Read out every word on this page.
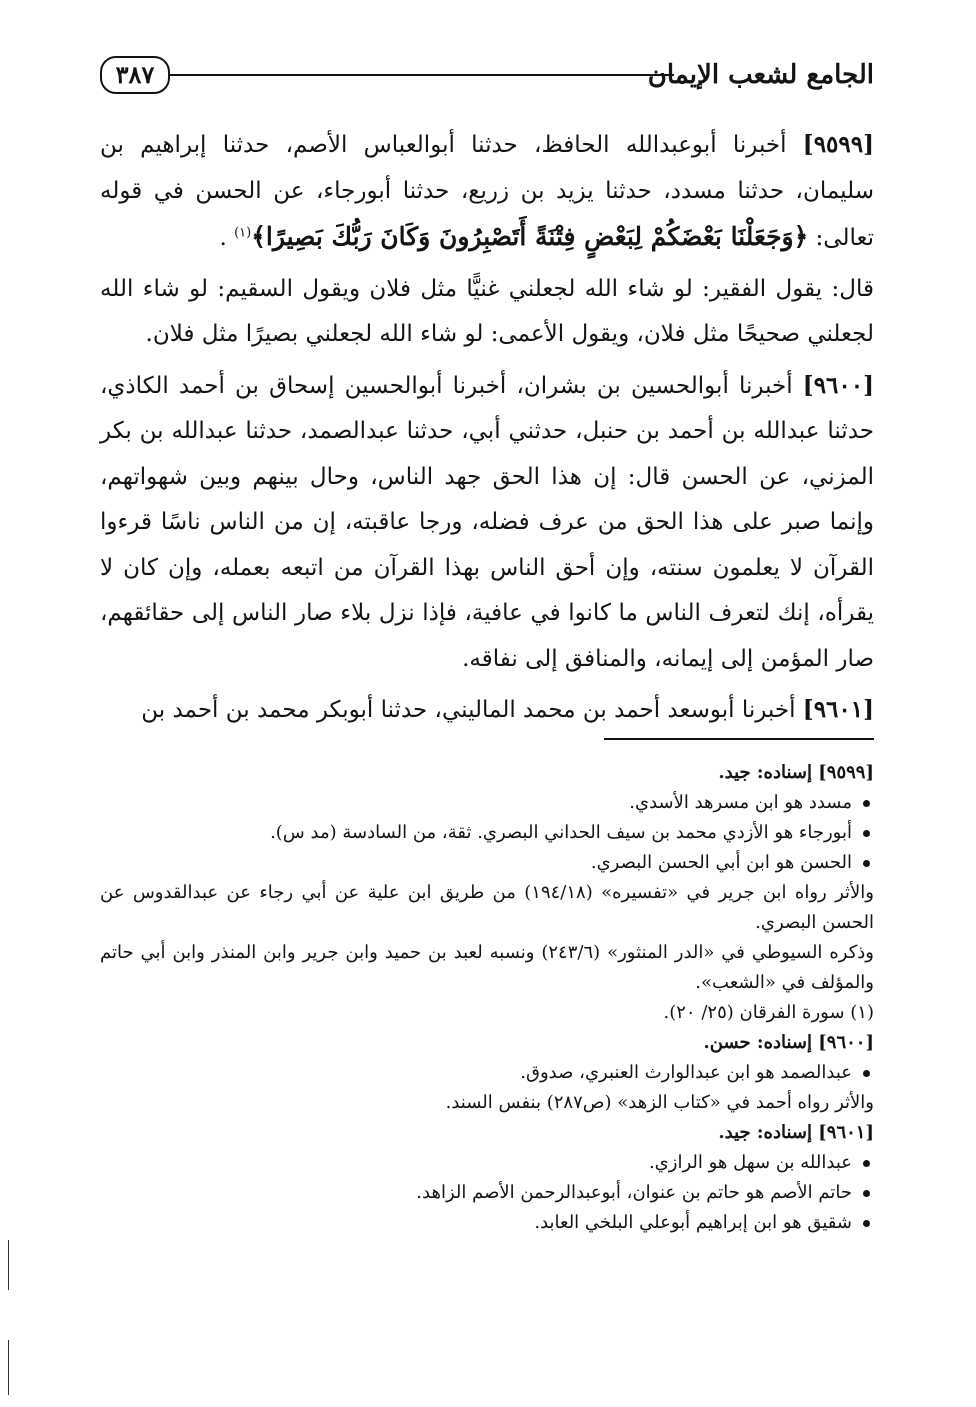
الجامع لشعب الإيمان
٣٨٧

[٩٥٩٩] أخبرنا أبوعبدالله الحافظ، حدثنا أبوالعباس الأصم، حدثنا إبراهيم بن سليمان، حدثنا مسدد، حدثنا يزيد بن زريع، حدثنا أبورجاء، عن الحسن في قوله تعالى: ﴿وَجَعَلْنَا بَعْضَكُمْ لِبَعْضٍ فِتْنَةً أَتَصْبِرُونَ وَكَانَ رَبُّكَ بَصِيرًا﴾$^{(١)}$ .

قال: يقول الفقير: لو شاء الله لجعلني غنيًّا مثل فلان ويقول السقيم: لو شاء الله لجعلني صحيحًا مثل فلان، ويقول الأعمى: لو شاء الله لجعلني بصيرًا مثل فلان.

[٩٦٠٠] أخبرنا أبوالحسين بن بشران، أخبرنا أبوالحسين إسحاق بن أحمد الكاذي، حدثنا عبدالله بن أحمد بن حنبل، حدثني أبي، حدثنا عبدالصمد، حدثنا عبدالله بن بكر المزني، عن الحسن قال: إن هذا الحق جهد الناس، وحال بينهم وبين شهواتهم، وإنما صبر على هذا الحق من عرف فضله، ورجا عاقبته، إن من الناس ناسًا قرءوا القرآن لا يعلمون سنته، وإن أحق الناس بهذا القرآن من اتبعه بعمله، وإن كان لا يقرأه، إنك لتعرف الناس ما كانوا في عافية، فإذا نزل بلاء صار الناس إلى حقائقهم، صار المؤمن إلى إيمانه، والمنافق إلى نفاقه.

[٩٦٠١] أخبرنا أبوسعد أحمد بن محمد الماليني، حدثنا أبوبكر محمد بن أحمد بن

[٩٥٩٩] إسناده: جيد.

مسدد هو ابن مسرهد الأسدي.

أبورجاء هو الأزدي محمد بن سيف الحداني البصري. ثقة، من السادسة (مد س).

الحسن هو ابن أبي الحسن البصري.

والأثر رواه ابن جرير في «تفسيره» (١٩٤/١٨) من طريق ابن علية عن أبي رجاء عن عبدالقدوس عن الحسن البصري.

وذكره السيوطي في «الدر المنثور» (٢٤٣/٦) ونسبه لعبد بن حميد وابن جرير وابن المنذر وابن أبي حاتم والمؤلف في «الشعب».

(١) سورة الفرقان (٢٥/ ٢٠).

[٩٦٠٠] إسناده: حسن.

عبدالصمد هو ابن عبدالوارث العنبري، صدوق.

والأثر رواه أحمد في «كتاب الزهد» (ص٢٨٧) بنفس السند.

[٩٦٠١] إسناده: جيد.

عبدالله بن سهل هو الرازي.

حاتم الأصم هو حاتم بن عنوان، أبوعبدالرحمن الأصم الزاهد.

شقيق هو ابن إبراهيم أبوعلي البلخي العابد.
